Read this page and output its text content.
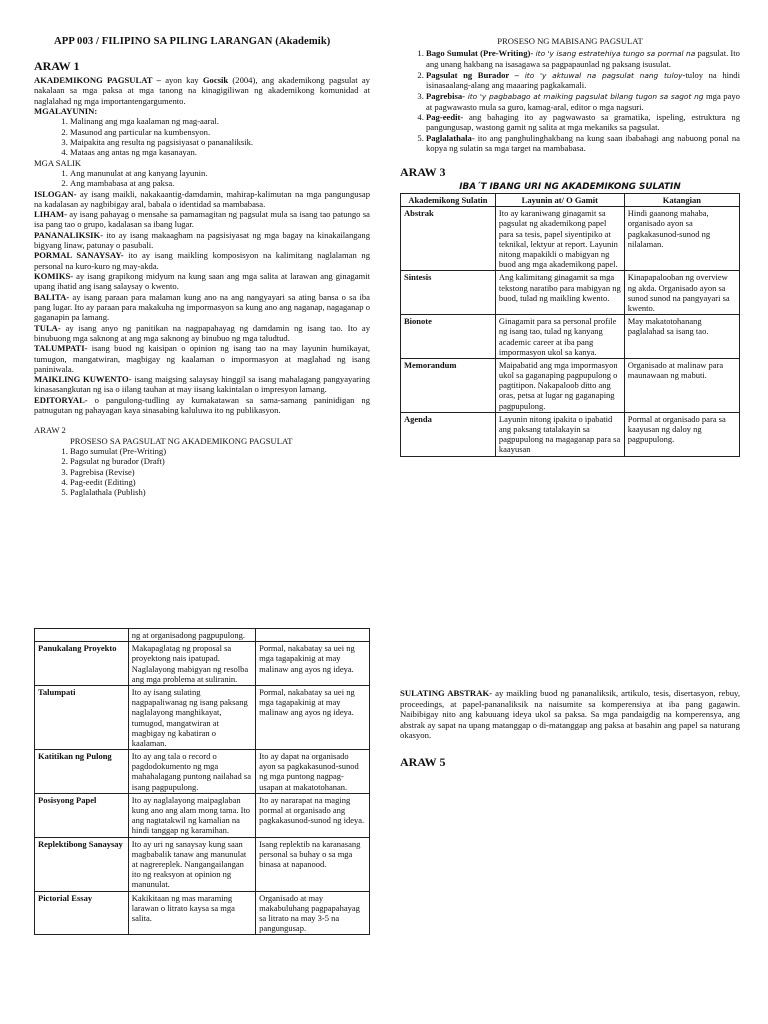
APP 003 / FILIPINO SA PILING LARANGAN (Akademik)
ARAW 1

AKADEMIKONG PAGSULAT – ayon kay Gocsik (2004), ang akademikong pagsulat ay nakalaan sa mga paksa at mga tanong na kinagigiliwan ng akademikong komunidad at naglalahad ng mga importantengargumento.

MGALAYUNIN:

1. Malinang ang mga kaalaman ng mag-aaral.
2. Masunod ang particular na kumbensyon.
3. Maipakita ang resulta ng pagsisiyasat o pananaliksik.
4. Mataas ang antas ng mga kasanayan.

MGA SALIK

1. Ang manunulat at ang kanyang layunin.
2. Ang mambabasa at ang paksa.

ISLOGAN- ay isang maikli, nakakaantig-damdamin, mahirap-kalimutan na mga pangungusap na kadalasan ay nagbibigay aral, babala o identidad sa mambabasa.

LIHAM- ay isang pahayag o mensahe sa pamamagitan ng pagsulat mula sa isang tao patungo sa isa pang tao o grupo, kadalasan sa ibang lugar.

PANANALIKSIK- ito ay isang makaagham na pagsisiyasat ng mga bagay na kinakailangang bigyang linaw, patunay o pasubali.

PORMAL SANAYSAY- ito ay isang maikling komposisyon na kalimitang naglalaman ng personal na kuro-kuro ng may-akda.

KOMIKS- ay isang grapikong midyum na kung saan ang mga salita at larawan ang ginagamit upang ihatid ang isang salaysay o kwento.

BALITA- ay isang paraan para malaman kung ano na ang nangyayari sa ating bansa o sa iba pang lugar. Ito ay paraan para makakuha ng impormasyon sa kung ano ang naganap, nagaganap o gaganapin pa lamang.

TULA- ay isang anyo ng panitikan na nagpapahayag ng damdamin ng isang tao. Ito ay binubuong mga saknong at ang mga saknong ay binubuo ng mga taludtud.

TALUMPATI- isang buod ng kaisipan o opinion ng isang tao na may layunin humikayat, tumugon, mangatwiran, magbigay ng kaalaman o impormasyon at maglahad ng isang paniniwala.

MAIKLING KUWENTO- isang maigsing salaysay hinggil sa isang mahalagang pangyayaring kinasasangkutan ng isa o iilang tauhan at may iisang kakintalan o impresyon lamang.

EDITORYAL- o pangulong-tudling ay kumakatawan sa sama-samang paninidigan ng patnugutan ng pahayagan kaya sinasabing kaluluwa ito ng publikasyon.

ARAW 2

PROSESO SA PAGSULAT NG AKADEMIKONG PAGSULAT

1. Bago sumulat (Pre-Writing)
2. Pagsulat ng burador (Draft)
3. Pagrebisa (Revise)
4. Pag-eedit (Editing)
5. Paglalathala (Publish)

PROSESO NG MABISANG PAGSULAT

1. Bago Sumulat (Pre-Writing)- ito 'y isang estratehiya tungo sa pormal na pagsulat. Ito ang unang hakbang na isasagawa sa pagpapaunlad ng paksang isusulat.
2. Pagsulat ng Burador – ito 'y aktuwal na pagsulat nang tuloy-tuloy na hindi isinasaalang-alang ang maaaring pagkakamali.
3. Pagrebisa- ito 'y pagbabago at maiking pagsulat bilang tugon sa sagot ng mga payo at pagwawasto mula sa guro, kamag-aral, editor o mga nagsuri.
4. Pag-eedit- ang bahaging ito ay pagwawasto sa gramatika, ispeling, estruktura ng pangungusap, wastong gamit ng salita at mga mekaniks sa pagsulat.
5. Paglalathala- ito ang panghulinghakbang na kung saan ibabahagi ang nabuong ponal na kopya ng sulatin sa mga target na mambabasa.
ARAW 3
IBA´T IBANG URI NG AKADEMIKONG SULATIN
Akademikong Sulatin	Layunin at/ O Gamit	Katangian
Abstrak	Ito ay karaniwang ginagamit sa pagsulat ng akademikong papel para sa tesis, papel siyentipiko at teknikal, lektyur at report. Layunin nitong mapakikli o mabigyan ng buod ang mga akademikong papel.	Hindi gaanong mahaba, organisado ayon sa pagkakasunod-sunod ng nilalaman.
Sintesis	Ang kalimitang ginagamit sa mga tekstong naratibo para mabigyan ng buod, tulad ng maikling kwento.	Kinapapalooban ng overview ng akda. Organisado ayon sa sunod sunod na pangyayari sa kwento.
Bionote	Ginagamit para sa personal profile ng isang tao, tulad ng kanyang academic career at iba pang impormasyon ukol sa kanya.	May makatotohanang paglalahad sa isang tao.
Memorandum	Maipabatid ang mga impormasyon ukol sa gaganaping pagpupulong o pagtitipon. Nakapaloob ditto ang oras, petsa at lugar ng gaganaping pagpupulong.	Organisado at malinaw para maunawaan ng mabuti.
Agenda	Layunin nitong ipakita o ipabatid ang paksang tatalakayin sa pagpupulong na magaganap para sa kaayusan	Pormal at organisado para sa kaayusan ng daloy ng pagpupulong.
	ng at organisadong pagpupulong.	
Panukalang Proyekto	Makapaglatag ng proposal sa proyektong nais ipatupad. Naglalayong mabigyan ng resolba ang mga problema at suliranin.	Pormal, nakabatay sa uei ng mga tagapakinig at may malinaw ang ayos ng ideya.
Talumpati	Ito ay isang sulating nagpapaliwanag ng isang paksang naglalayong manghikayat, tumugod, mangatwiran at magbigay ng kabatiran o kaalaman.	Pormal, nakabatay sa uei ng mga tagapakinig at may malinaw ang ayos ng ideya.
Katitikan ng Pulong	Ito ay ang tala o record o pagdodokumento ng mga mahahalagang puntong nailahad sa isang pagpupulong.	Ito ay dapat na organisado ayon sa pagkakasunod-sunod ng mga puntong nagpag-usapan at makatotohanan.
Posisyong Papel	Ito ay naglalayong maipaglaban kung ano ang alam mong tama. Ito ang nagtatakwil ng kamalian na hindi tanggap ng karamihan.	Ito ay nararapat na maging pormal at organisado ang pagkakasunod-sunod ng ideya.
Replektibong Sanaysay	Ito ay uri ng sanaysay kung saan magbabalik tanaw ang manunulat at nagrereplek. Nangangailangan ito ng reaksyon at opinion ng manunulat.	Isang replektib na karanasang personal sa buhay o sa mga binasa at napanood.
Pictorial Essay	Kakikitaan ng mas maraming larawan o litrato kaysa sa mga salita.	Organisado at may makabuluhang pagpapahayag sa litrato na may 3-5 na pangungusap.

SULATING ABSTRAK- ay maikling buod ng pananaliksik, artikulo, tesis, disertasyon, rebuy, proceedings, at papel-pananaliksik na naisumite sa komperensiya at iba pang gagawin. Naibibigay nito ang kabuuang ideya ukol sa paksa. Sa mga pandaigdig na komperensya, ang abstrak ay sapat na upang matanggap o di-matanggap ang paksa at basahin ang papel sa naturang okasyon.

ARAW 5
